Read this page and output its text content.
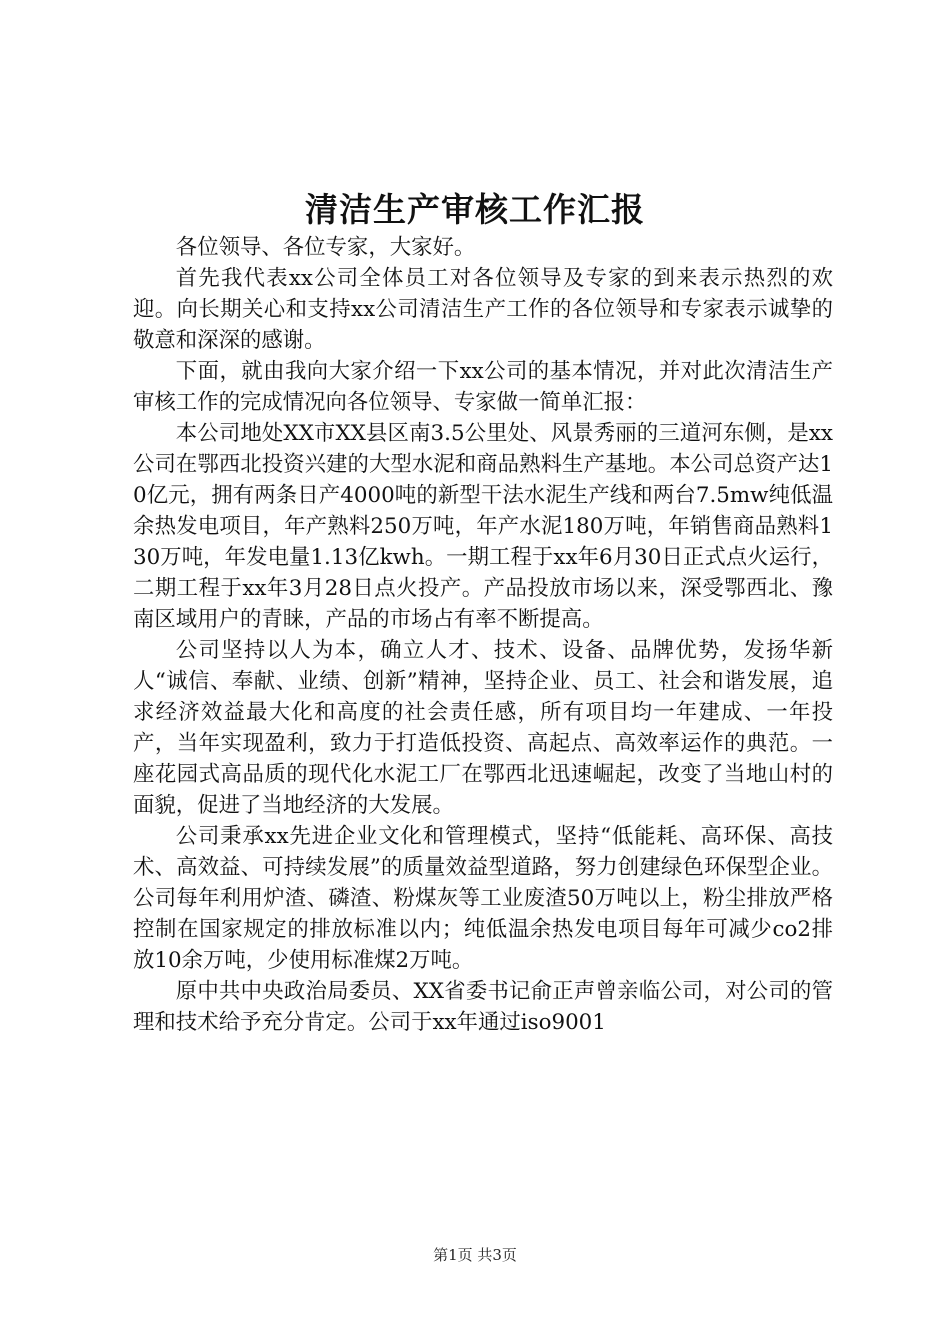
清洁生产审核工作汇报

各位领导、各位专家，大家好。

首先我代表xx公司全体员工对各位领导及专家的到来表示热烈的欢迎。向长期关心和支持xx公司清洁生产工作的各位领导和专家表示诚挚的敬意和深深的感谢。

下面，就由我向大家介绍一下xx公司的基本情况，并对此次清洁生产审核工作的完成情况向各位领导、专家做一简单汇报：

本公司地处XX市XX县区南3.5公里处、风景秀丽的三道河东侧，是xx公司在鄂西北投资兴建的大型水泥和商品熟料生产基地。本公司总资产达10亿元，拥有两条日产4000吨的新型干法水泥生产线和两台7.5mw纯低温余热发电项目，年产熟料250万吨，年产水泥180万吨，年销售商品熟料130万吨，年发电量1.13亿kwh。一期工程于xx年6月30日正式点火运行，二期工程于xx年3月28日点火投产。产品投放市场以来，深受鄂西北、豫南区域用户的青睐，产品的市场占有率不断提高。

公司坚持以人为本，确立人才、技术、设备、品牌优势，发扬华新人“诚信、奉献、业绩、创新”精神，坚持企业、员工、社会和谐发展，追求经济效益最大化和高度的社会责任感，所有项目均一年建成、一年投产，当年实现盈利，致力于打造低投资、高起点、高效率运作的典范。一座花园式高品质的现代化水泥工厂在鄂西北迅速崛起，改变了当地山村的面貌，促进了当地经济的大发展。

公司秉承xx先进企业文化和管理模式，坚持“低能耗、高环保、高技术、高效益、可持续发展”的质量效益型道路，努力创建绿色环保型企业。公司每年利用炉渣、磷渣、粉煤灰等工业废渣50万吨以上，粉尘排放严格控制在国家规定的排放标准以内；纯低温余热发电项目每年可减少co2排放10余万吨，少使用标准煤2万吨。

原中共中央政治局委员、XX省委书记俞正声曾亲临公司，对公司的管理和技术给予充分肯定。公司于xx年通过iso9001

第1页 共3页
